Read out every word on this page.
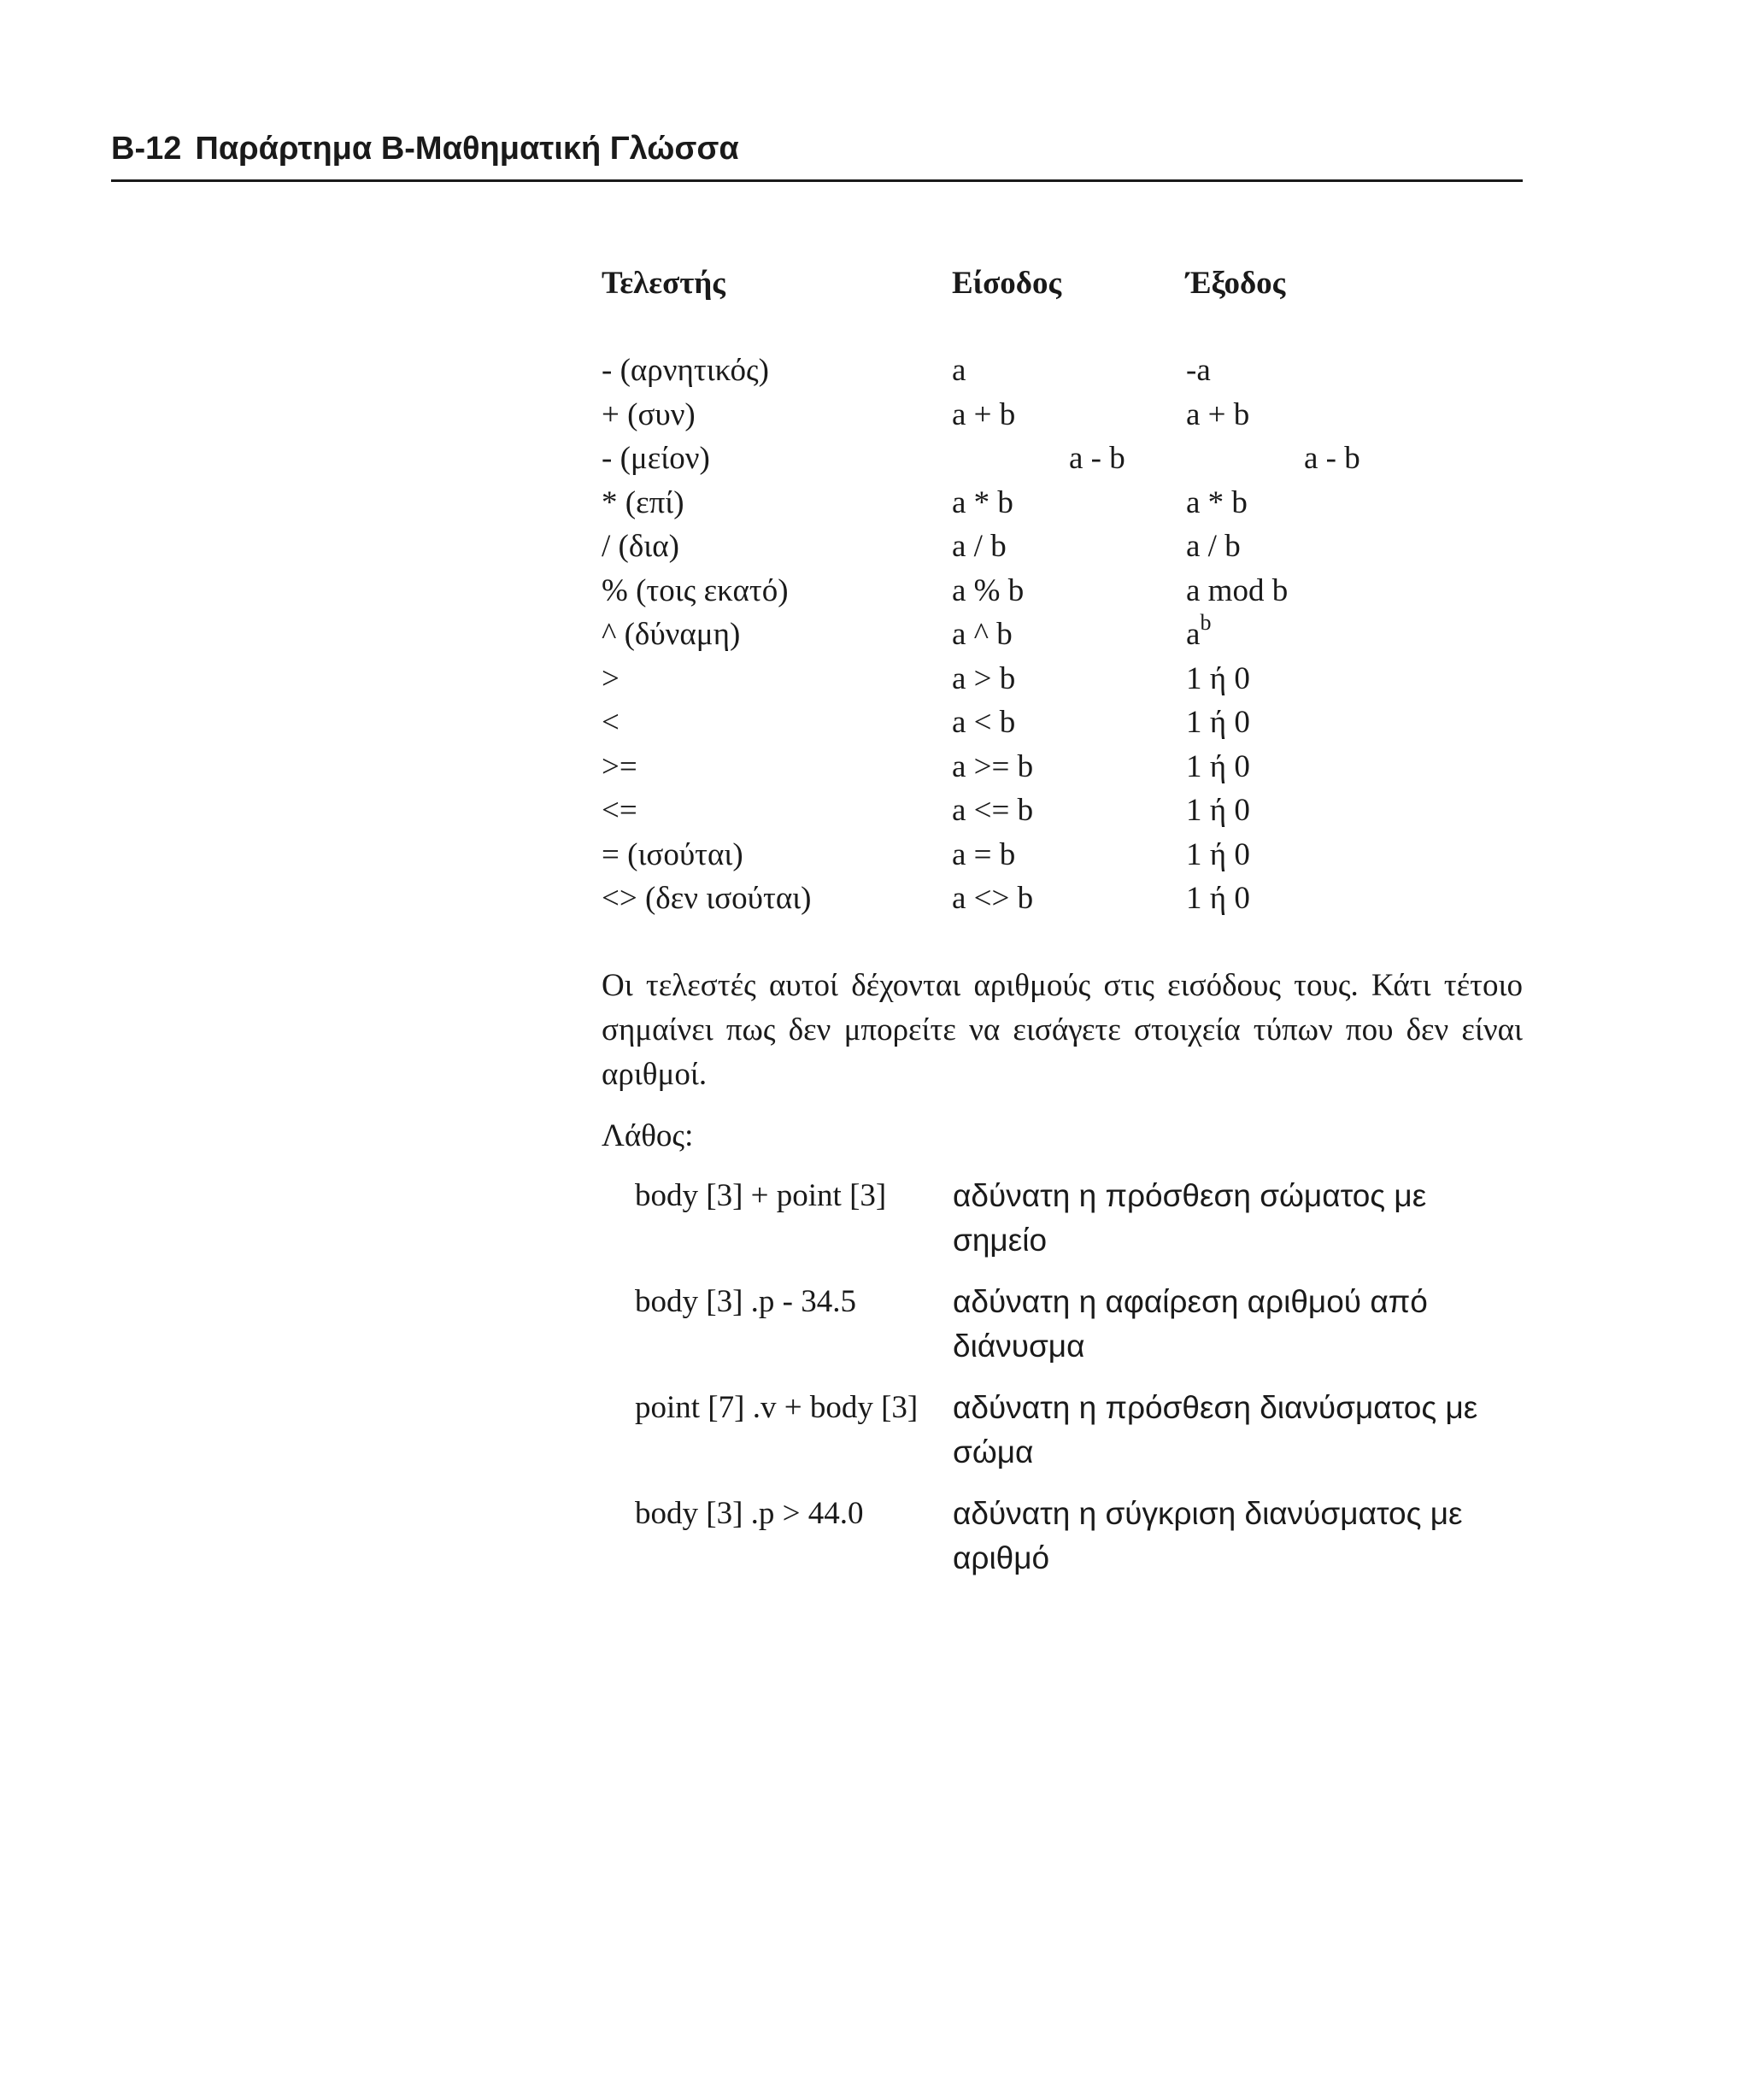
B-12 Παράρτημα Β-Μαθηματική Γλώσσα
Τελεστής	Είσοδος	Έξοδος
- (αρνητικός)	a	-a
+ (συν)	a + b	a + b
- (μείον)	a - b	a - b
* (επί)	a * b	a * b
/ (δια)	a / b	a / b
% (τοις εκατό)	a % b	a mod b
^ (δύναμη)	a ^ b	$a^b$
>	a > b	1 ή 0
<	a < b	1 ή 0
>=	a >= b	1 ή 0
<=	a <= b	1 ή 0
= (ισούται)	a = b	1 ή 0
<> (δεν ισούται)	a <> b	1 ή 0

Οι τελεστές αυτοί δέχονται αριθμούς στις εισόδους τους. Κάτι τέτοιο σημαίνει πως δεν μπορείτε να εισάγετε στοιχεία τύπων που δεν είναι αριθμοί.

Λάθος:

body [3] + point [3] αδύνατη η πρόσθεση σώματος με σημείο
body [3] .p - 34.5	αδύνατη η αφαίρεση αριθμού από διάνυσμα
point [7] .v + body [3] αδύνατη η πρόσθεση διανύσματος με σώμα
body [3] .p > 44.0	αδύνατη η σύγκριση διανύσματος με αριθμό
